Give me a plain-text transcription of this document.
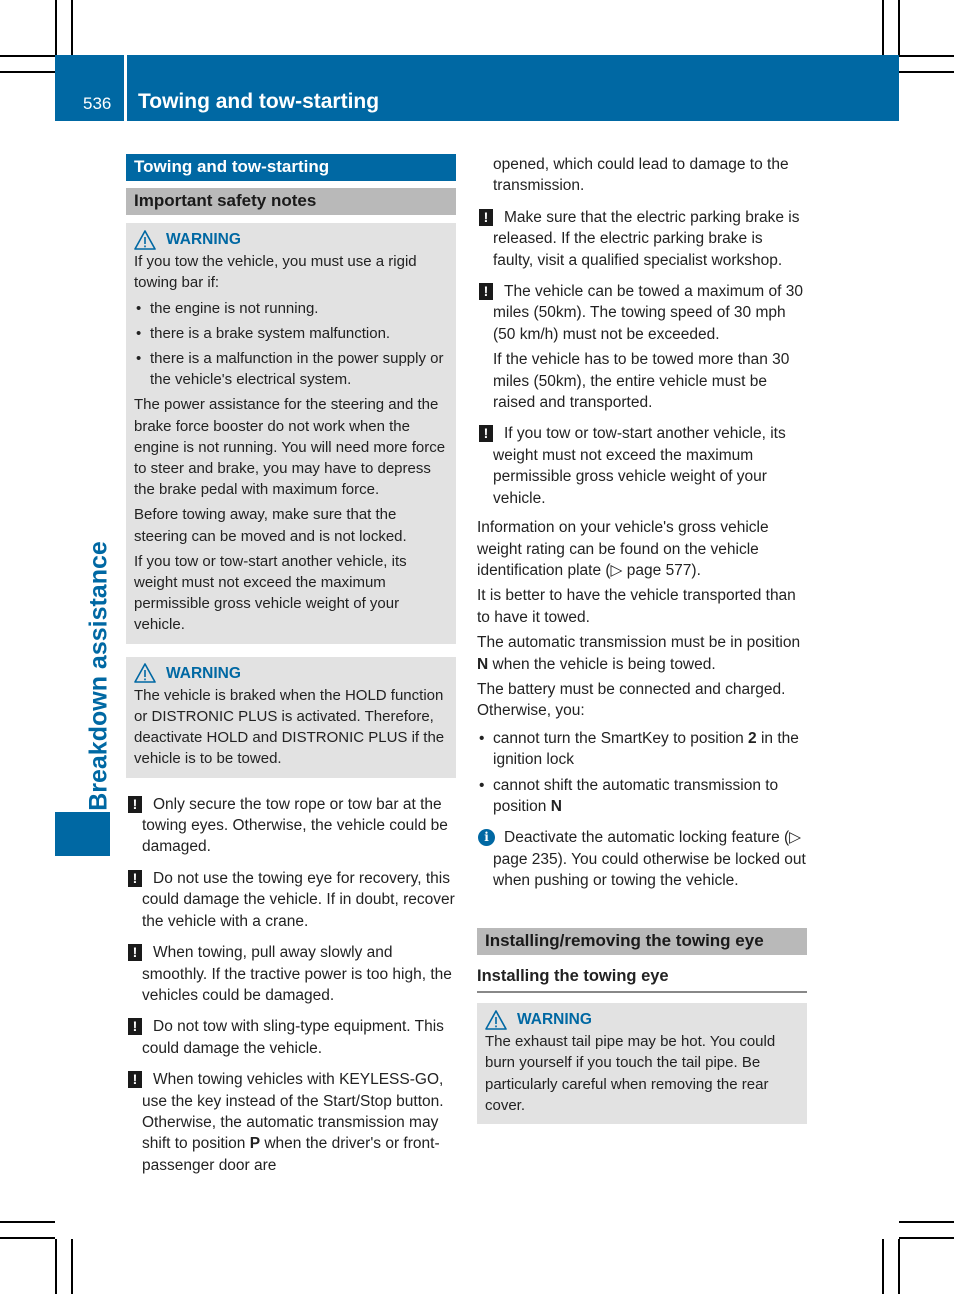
536 Towing and tow-starting
Breakdown assistance
Towing and tow-starting
Important safety notes
WARNING

If you tow the vehicle, you must use a rigid towing bar if:

• the engine is not running.
• there is a brake system malfunction.
• there is a malfunction in the power supply or the vehicle's electrical system.

The power assistance for the steering and the brake force booster do not work when the engine is not running. You will need more force to steer and brake, you may have to depress the brake pedal with maximum force.

Before towing away, make sure that the steering can be moved and is not locked.

If you tow or tow-start another vehicle, its weight must not exceed the maximum permissible gross vehicle weight of your vehicle.

WARNING

The vehicle is braked when the HOLD function or DISTRONIC PLUS is activated. Therefore, deactivate HOLD and DISTRONIC PLUS if the vehicle is to be towed.

!	Only secure the tow rope or tow bar at the towing eyes. Otherwise, the vehicle could be damaged.
!	Do not use the towing eye for recovery, this could damage the vehicle. If in doubt, recover the vehicle with a crane.
!	When towing, pull away slowly and smoothly. If the tractive power is too high, the vehicles could be damaged.
!	Do not tow with sling-type equipment. This could damage the vehicle.
!	When towing vehicles with KEYLESS-GO, use the key instead of the Start/Stop button. Otherwise, the automatic transmission may shift to position P when the driver's or front-passenger door are

opened, which could lead to damage to the transmission.

!	Make sure that the electric parking brake is released. If the electric parking brake is faulty, visit a qualified specialist workshop.
!	The vehicle can be towed a maximum of 30 miles (50km). The towing speed of 30 mph (50 km/h) must not be exceeded.

If the vehicle has to be towed more than 30 miles (50km), the entire vehicle must be raised and transported.

!	If you tow or tow-start another vehicle, its weight must not exceed the maximum permissible gross vehicle weight of your vehicle.

Information on your vehicle's gross vehicle weight rating can be found on the vehicle identification plate (▷ page 577).

It is better to have the vehicle transported than to have it towed.

The automatic transmission must be in position N when the vehicle is being towed.

The battery must be connected and charged. Otherwise, you:

• cannot turn the SmartKey to position 2 in the ignition lock
• cannot shift the automatic transmission to position N
i Deactivate the automatic locking feature (▷ page 235). You could otherwise be locked out when pushing or towing the vehicle.
Installing/removing the towing eye
Installing the towing eye
WARNING

The exhaust tail pipe may be hot. You could burn yourself if you touch the tail pipe. Be particularly careful when removing the rear cover.
